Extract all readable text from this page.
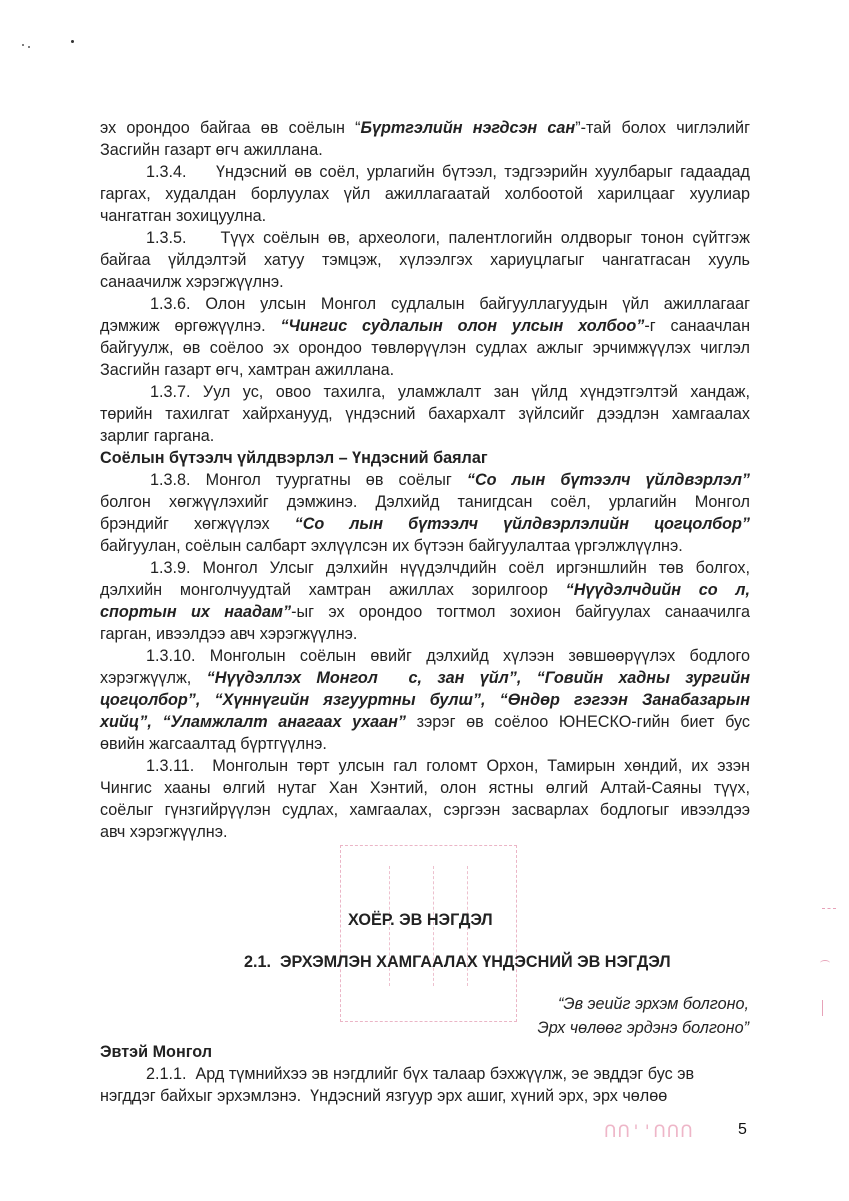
эх орондоо байгаа өв соёлын “Бүртгэлийн нэгдсэн сан”-тай болох чиглэлийг
Засгийн газарт өгч ажиллана.
1.3.4.    Үндэсний өв соёл, урлагийн бүтээл, тэдгээрийн хуулбарыг гадаадад
гаргах, худалдан борлуулах үйл ажиллагаатай холбоотой харилцааг хуулиар
чангатган зохицуулна.
1.3.5.    Түүх соёлын өв, археологи, палентлогийн олдворыг тонон сүйтгэж
байгаа үйлдэлтэй хатуу тэмцэж, хүлээлгэх хариуцлагыг чангатгасан хууль
санаачилж хэрэгжүүлнэ.
1.3.6. Олон улсын Монгол судлалын байгууллагуудын үйл ажиллагааг
дэмжиж өргөжүүлнэ. “Чингис судлалын олон улсын холбоо”-г санаачлан
байгуулж, өв соёлоо эх орондоо төвлөрүүлэн судлах ажлыг эрчимжүүлэх чиглэл
Засгийн газарт өгч, хамтран ажиллана.
1.3.7. Уул ус, овоо тахилга, уламжлалт зан үйлд хүндэтгэлтэй хандаж,
төрийн тахилгат хайрханууд, үндэсний бахархалт зүйлсийг дээдлэн хамгаалах
зарлиг гаргана.
Соёлын бүтээлч үйлдвэрлэл – Үндэсний баялаг
1.3.8. Монгол туургатны өв соёлыг “Со лын бүтээлч үйлдвэрлэл”
болгон хөгжүүлэхийг дэмжинэ. Дэлхийд танигдсан соёл, урлагийн Монгол
брэндийг хөгжүүлэх “Со лын бүтээлч үйлдвэрлэлийн цогцолбор”
байгуулан, соёлын салбарт эхлүүлсэн их бүтээн байгуулалтаа үргэлжлүүлнэ.
1.3.9. Монгол Улсыг дэлхийн нүүдэлчдийн соёл иргэншлийн төв болгох,
дэлхийн монголчуудтай хамтран ажиллах зорилгоор “Нүүдэлчдийн со л,
спортын их наадам”-ыг эх орондоо тогтмол зохион байгуулах санаачилга
гарган, ивээлдээ авч хэрэгжүүлнэ.
1.3.10. Монголын соёлын өвийг дэлхийд хүлээн зөвшөөрүүлэх бодлого
хэрэгжүүлж, “Нүүдэллэх Монгол  с, зан үйл”, “Говийн хадны зургийн
цогцолбор”, “Хүннүгийн язгууртны булш”, “Өндөр гэгээн Занабазарын
хийц”, “Уламжлалт анагаах ухаан” зэрэг өв соёлоо ЮНЕСКО-гийн биет бус
өвийн жагсаалтад бүртгүүлнэ.
1.3.11.  Монголын төрт улсын гал голомт Орхон, Тамирын хөндий, их эзэн
Чингис хааны өлгий нутаг Хан Хэнтий, олон ястны өлгий Алтай-Саяны түүх,
соёлыг гүнзгийрүүлэн судлах, хамгаалах, сэргээн засварлах бодлогыг ивээлдээ
авч хэрэгжүүлнэ.
ХОЁР. ЭВ НЭГДЭЛ
2.1.  ЭРХЭМЛЭН ХАМГААЛАХ ҮНДЭСНИЙ ЭВ НЭГДЭЛ
“Эв эеийг эрхэм болгоно,
Эрх чөлөөг эрдэнэ болгоно”
Эвтэй Монгол
2.1.1.  Ард түмнийхээ эв нэгдлийг бүх талаар бэхжүүлж, эе эвддэг бус эв
нэгддэг байхыг эрхэмлэнэ.  Үндэсний язгуур эрх ашиг, хүний эрх, эрх чөлөө
ᑎᑎ''ᑎᑎᑎ	5
